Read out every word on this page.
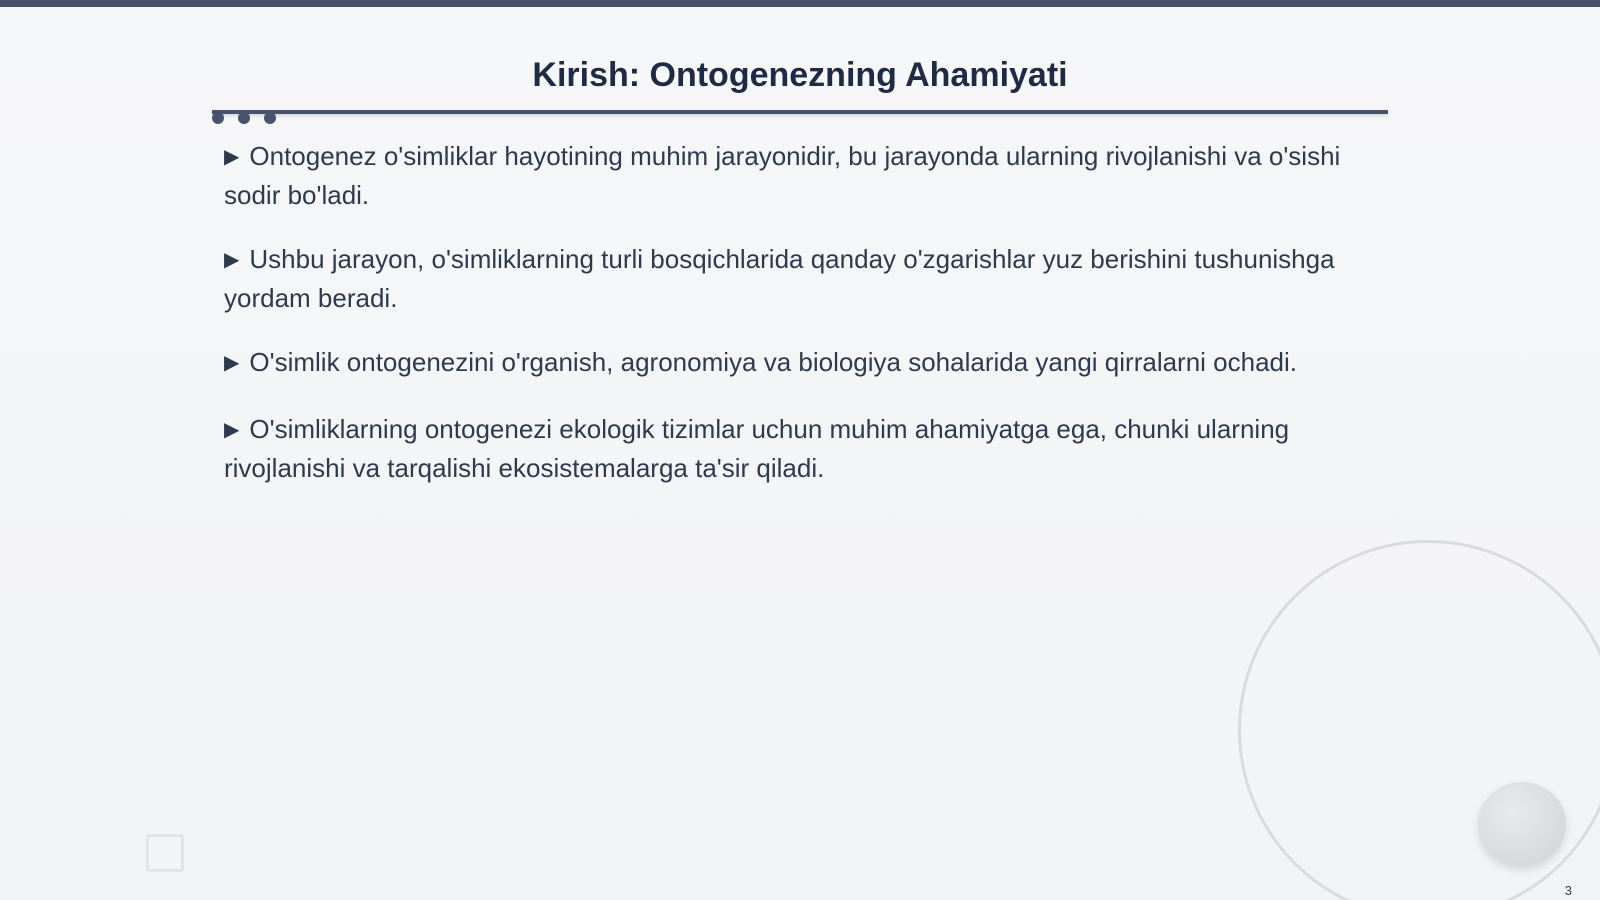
Kirish: Ontogenezning Ahamiyati
▶ Ontogenez o'simliklar hayotining muhim jarayonidir, bu jarayonda ularning rivojlanishi va o'sishi sodir bo'ladi.
▶ Ushbu jarayon, o'simliklarning turli bosqichlarida qanday o'zgarishlar yuz berishini tushunishga yordam beradi.
▶ O'simlik ontogenezini o'rganish, agronomiya va biologiya sohalarida yangi qirralarni ochadi.
▶ O'simliklarning ontogenezi ekologik tizimlar uchun muhim ahamiyatga ega, chunki ularning rivojlanishi va tarqalishi ekosistemalarga ta'sir qiladi.
3
